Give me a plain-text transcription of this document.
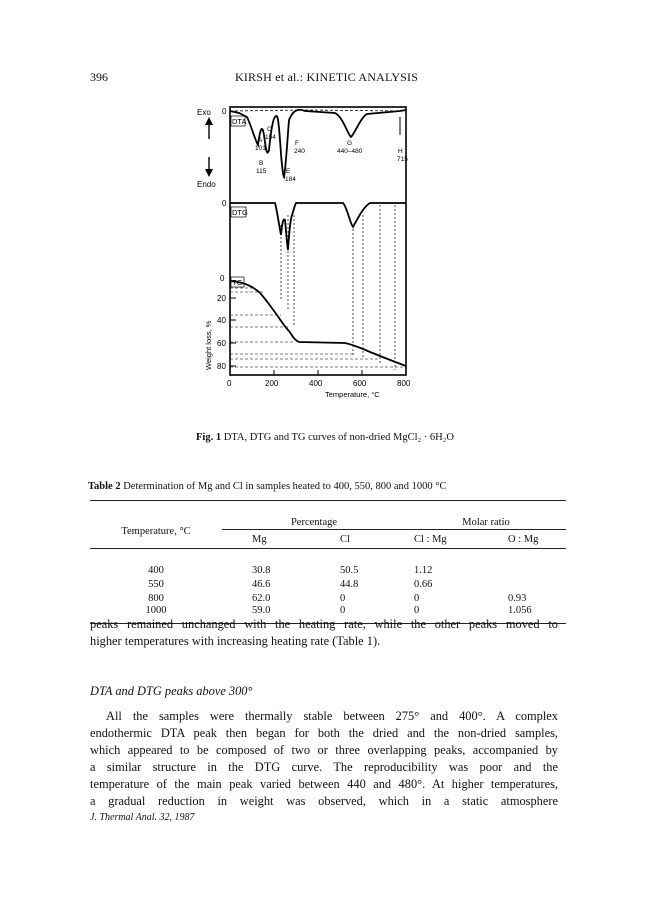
396	KIRSH et al.: KINETIC ANALYSIS
Exo
Endo
0
DTA
A
101
B
115
C
154
E
184
F
240
G
440–480	H
715
0
DTG
TG
0
20
40
60
80
Weight loss, %
0	200	400	600	800
Temperature, °C
Fig. 1 DTA, DTG and TG curves of non-dried MgCl₂ · 6H₂O
Table 2 Determination of Mg and Cl in samples heated to 400, 550, 800 and 1000 °C

Temperature, °C	Percentage		Molar ratio	
	Mg	Cl	Cl : Mg	O : Mg

400	30.8	50.5	1.12	
550	46.6	44.8	0.66	
800	62.0	0	0	0.93
1000	59.0	0	0	1.056

peaks remained unchanged with the heating rate, while the other peaks moved to

higher temperatures with increasing heating rate (Table 1).

DTA and DTG peaks above 300°

All the samples were thermally stable between 275° and 400°. A complex

endothermic DTA peak then began for both the dried and the non-dried samples,

which appeared to be composed of two or three overlapping peaks, accompanied by

a similar structure in the DTG curve. The reproducibility was poor and the

temperature of the main peak varied between 440 and 480°. At higher temperatures,

a gradual reduction in weight was observed, which in a static atmosphere

J. Thermal Anal. 32, 1987
